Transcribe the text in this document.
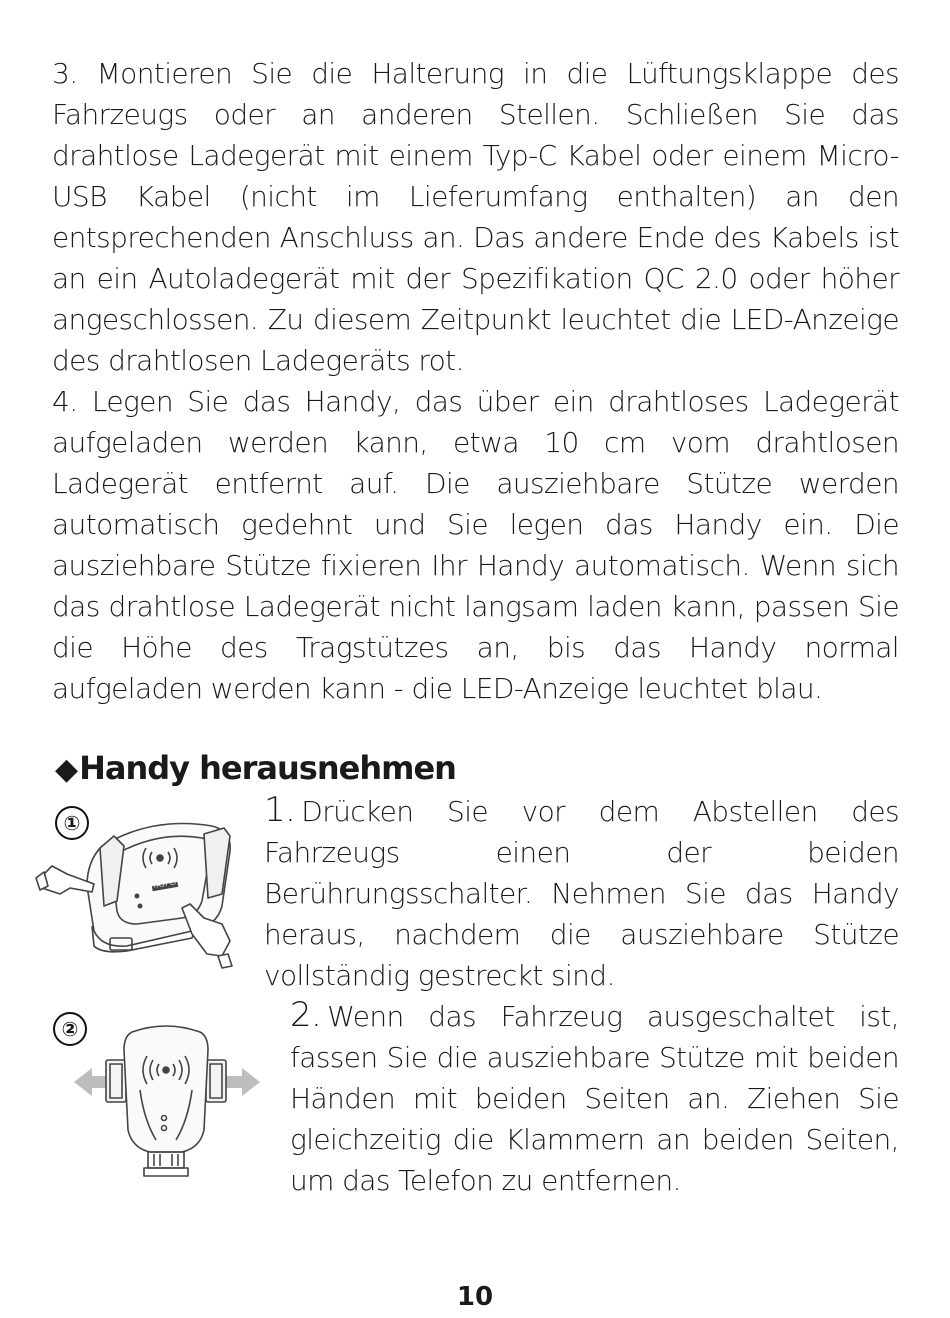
3. Montieren Sie die Halterung in die Lüftungsklappe des Fahrzeugs oder an anderen Stellen. Schließen Sie das drahtlose Ladegerät mit einem Typ-C Kabel oder einem Micro-USB Kabel (nicht im Lieferumfang enthalten) an den entsprechenden Anschluss an. Das andere Ende des Kabels ist an ein Autoladegerät mit der Spezifikation QC 2.0 oder höher angeschlossen. Zu diesem Zeitpunkt leuchtet die LED-Anzeige des drahtlosen Ladegeräts rot.

4. Legen Sie das Handy, das über ein drahtloses Ladegerät aufgeladen werden kann, etwa 10 cm vom drahtlosen Ladegerät entfernt auf. Die ausziehbare Stütze werden automatisch gedehnt und Sie legen das Handy ein. Die ausziehbare Stütze fixieren Ihr Handy automatisch. Wenn sich das drahtlose Ladegerät nicht langsam laden kann, passen Sie die Höhe des Tragstützes an, bis das Handy normal aufgeladen werden kann - die LED-Anzeige leuchtet blau.

◆Handy herausnehmen
FAST CHARGE
①	1. Drücken Sie vor dem Abstellen des Fahrzeugs einen der beiden Berührungsschalter. Nehmen Sie das Handy heraus, nachdem die ausziehbare Stütze vollständig gestreckt sind.

②	2. Wenn das Fahrzeug ausgeschaltet ist, fassen Sie die ausziehbare Stütze mit beiden Händen mit beiden Seiten an. Ziehen Sie gleichzeitig die Klammern an beiden Seiten, um das Telefon zu entfernen.

10
